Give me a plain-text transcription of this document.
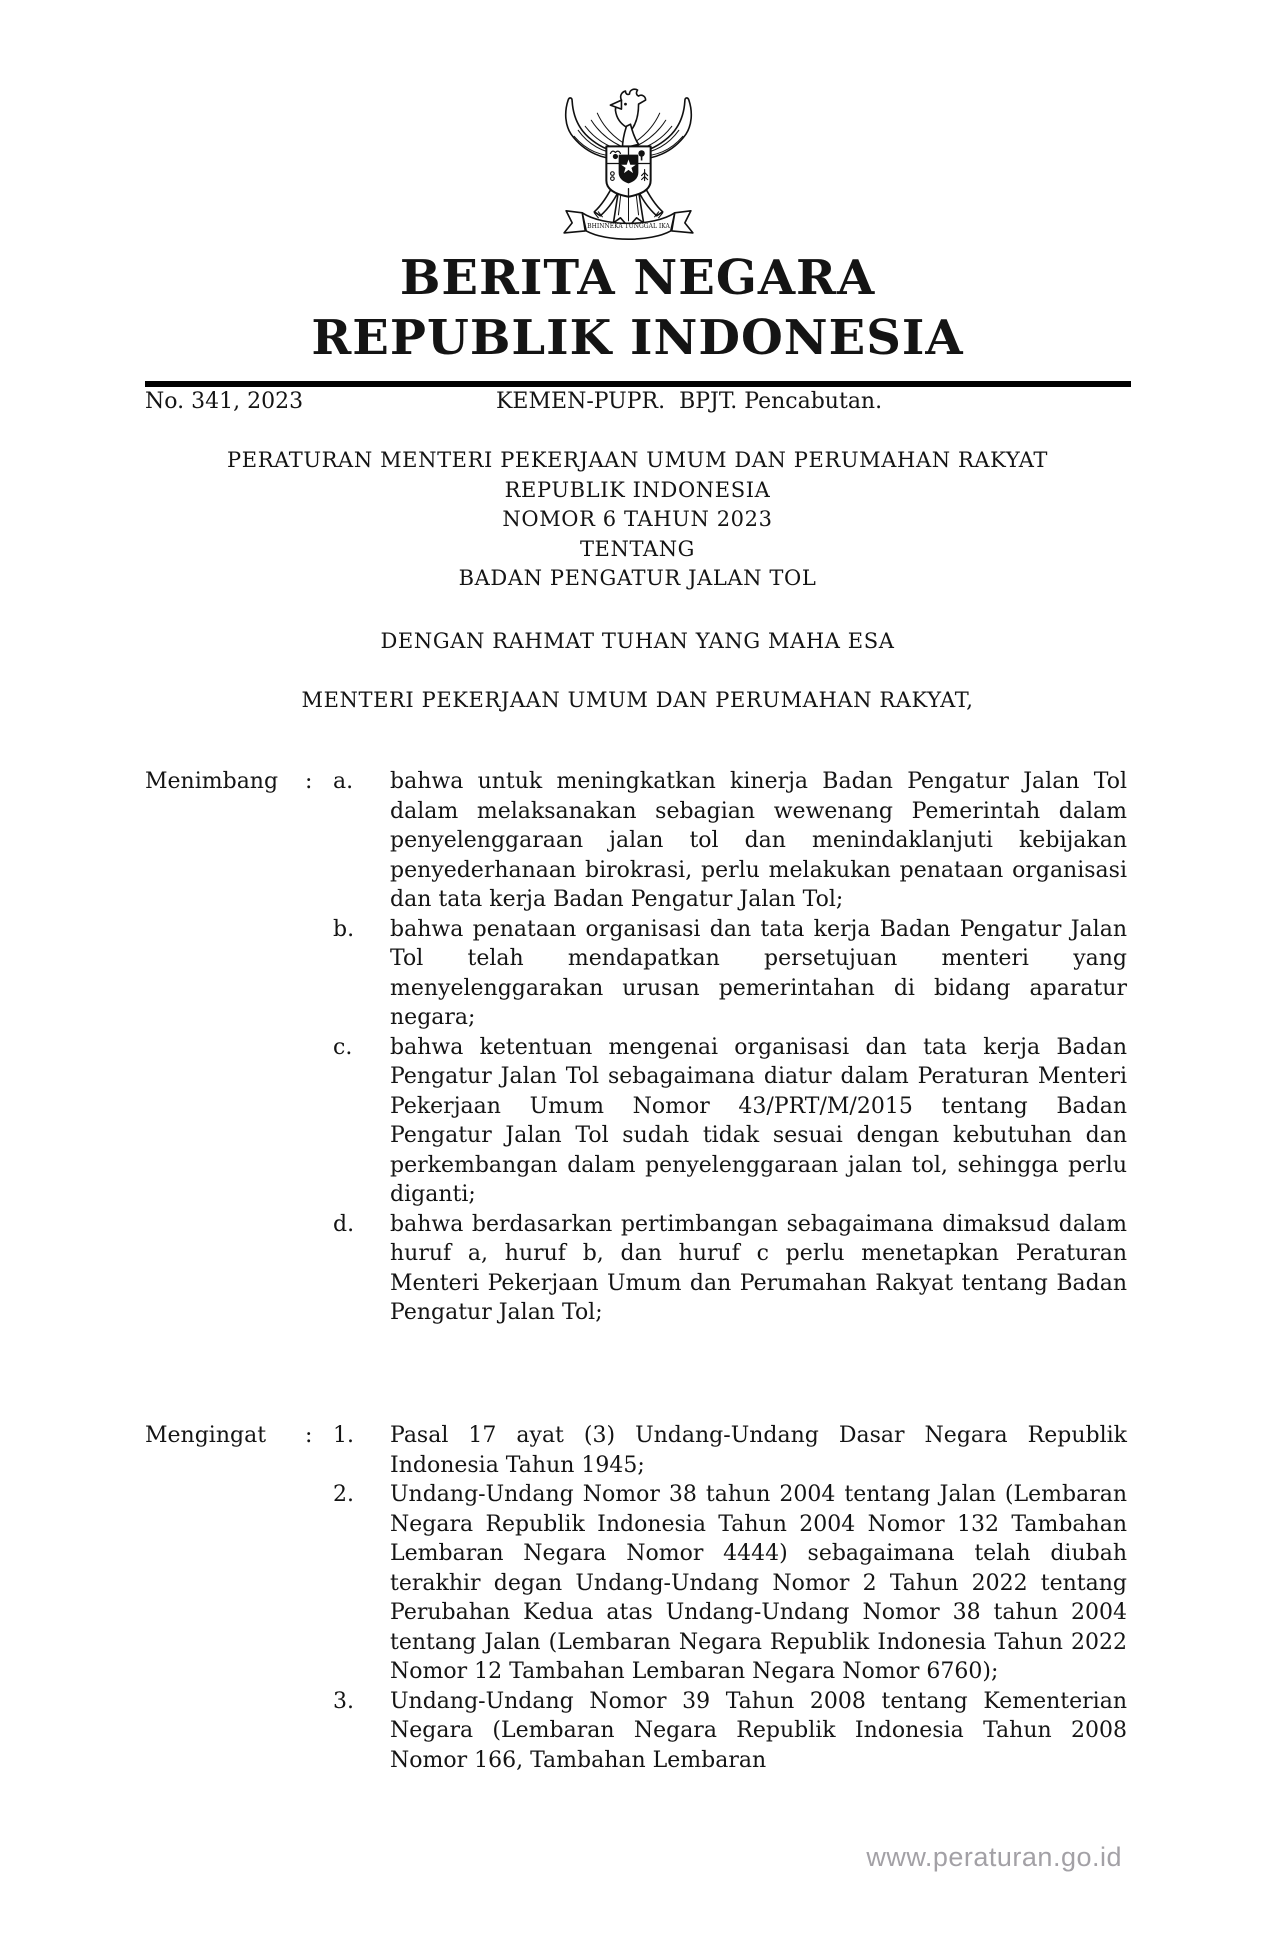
BHINNEKA TUNGGAL IKA
BERITA NEGARA
REPUBLIK INDONESIA
No. 341, 2023	KEMEN-PUPR.  BPJT. Pencabutan.
PERATURAN MENTERI PEKERJAAN UMUM DAN PERUMAHAN RAKYAT
REPUBLIK INDONESIA
NOMOR 6 TAHUN 2023
TENTANG
BADAN PENGATUR JALAN TOL
DENGAN RAHMAT TUHAN YANG MAHA ESA
MENTERI PEKERJAAN UMUM DAN PERUMAHAN RAKYAT,
Menimbang	: a.	bahwa untuk meningkatkan kinerja Badan Pengatur Jalan Tol dalam melaksanakan sebagian wewenang Pemerintah dalam penyelenggaraan jalan tol dan menindaklanjuti kebijakan penyederhanaan birokrasi, perlu melakukan penataan organisasi dan tata kerja Badan Pengatur Jalan Tol;

b.	bahwa penataan organisasi dan tata kerja Badan Pengatur Jalan Tol telah mendapatkan persetujuan menteri yang menyelenggarakan urusan pemerintahan di bidang aparatur negara;

c.	bahwa ketentuan mengenai organisasi dan tata kerja Badan Pengatur Jalan Tol sebagaimana diatur dalam Peraturan Menteri Pekerjaan Umum Nomor 43/PRT/M/2015 tentang Badan Pengatur Jalan Tol sudah tidak sesuai dengan kebutuhan dan perkembangan dalam penyelenggaraan jalan tol, sehingga perlu diganti;

d.	bahwa berdasarkan pertimbangan sebagaimana dimaksud dalam huruf a, huruf b, dan huruf c perlu menetapkan Peraturan Menteri Pekerjaan Umum dan Perumahan Rakyat tentang Badan Pengatur Jalan Tol;

Mengingat	: 1.	Pasal 17 ayat (3) Undang-Undang Dasar Negara Republik Indonesia Tahun 1945;

2.	Undang-Undang Nomor 38 tahun 2004 tentang Jalan (Lembaran Negara Republik Indonesia Tahun 2004 Nomor 132 Tambahan Lembaran Negara Nomor 4444) sebagaimana telah diubah terakhir degan Undang-Undang Nomor 2 Tahun 2022 tentang Perubahan Kedua atas Undang-Undang Nomor 38 tahun 2004 tentang Jalan (Lembaran Negara Republik Indonesia Tahun 2022 Nomor 12 Tambahan Lembaran Negara Nomor 6760);

3.	Undang-Undang Nomor 39 Tahun 2008 tentang Kementerian Negara (Lembaran Negara Republik Indonesia Tahun 2008 Nomor 166, Tambahan Lembaran

www.peraturan.go.id
